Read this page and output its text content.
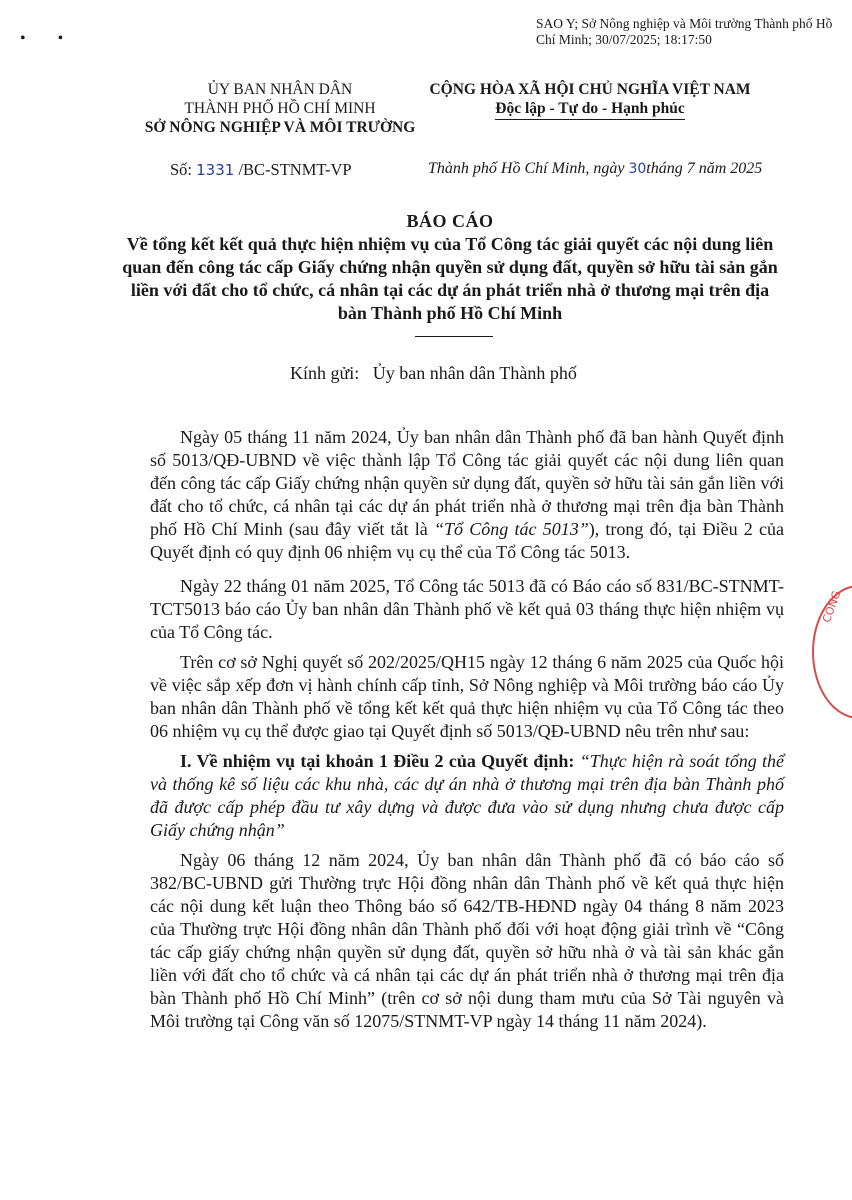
• •
SAO Y; Sở Nông nghiệp và Môi trường Thành phố Hồ Chí Minh; 30/07/2025; 18:17:50
ỦY BAN NHÂN DÂN
THÀNH PHỐ HỒ CHÍ MINH
SỞ NÔNG NGHIỆP VÀ MÔI TRƯỜNG
CỘNG HÒA XÃ HỘI CHỦ NGHĨA VIỆT NAM
Độc lập - Tự do - Hạnh phúc
Số: 1331 /BC-STNMT-VP	Thành phố Hồ Chí Minh, ngày 30tháng 7 năm 2025
BÁO CÁO
Về tổng kết kết quả thực hiện nhiệm vụ của Tổ Công tác giải quyết các nội dung liên quan đến công tác cấp Giấy chứng nhận quyền sử dụng đất, quyền sở hữu tài sản gắn liền với đất cho tổ chức, cá nhân tại các dự án phát triển nhà ở thương mại trên địa bàn Thành phố Hồ Chí Minh
Kính gửi:   Ủy ban nhân dân Thành phố

Ngày 05 tháng 11 năm 2024, Ủy ban nhân dân Thành phố đã ban hành Quyết định số 5013/QĐ-UBND về việc thành lập Tổ Công tác giải quyết các nội dung liên quan đến công tác cấp Giấy chứng nhận quyền sử dụng đất, quyền sở hữu tài sản gắn liền với đất cho tổ chức, cá nhân tại các dự án phát triển nhà ở thương mại trên địa bàn Thành phố Hồ Chí Minh (sau đây viết tắt là “Tổ Công tác 5013”), trong đó, tại Điều 2 của Quyết định có quy định 06 nhiệm vụ cụ thể của Tổ Công tác 5013.

Ngày 22 tháng 01 năm 2025, Tổ Công tác 5013 đã có Báo cáo số 831/BC-STNMT-TCT5013 báo cáo Ủy ban nhân dân Thành phố về kết quả 03 tháng thực hiện nhiệm vụ của Tổ Công tác.

Trên cơ sở Nghị quyết số 202/2025/QH15 ngày 12 tháng 6 năm 2025 của Quốc hội về việc sắp xếp đơn vị hành chính cấp tỉnh, Sở Nông nghiệp và Môi trường báo cáo Ủy ban nhân dân Thành phố về tổng kết kết quả thực hiện nhiệm vụ của Tổ Công tác theo 06 nhiệm vụ cụ thể được giao tại Quyết định số 5013/QĐ-UBND nêu trên như sau:

I. Về nhiệm vụ tại khoản 1 Điều 2 của Quyết định: “Thực hiện rà soát tổng thể và thống kê số liệu các khu nhà, các dự án nhà ở thương mại trên địa bàn Thành phố đã được cấp phép đầu tư xây dựng và được đưa vào sử dụng nhưng chưa được cấp Giấy chứng nhận”

Ngày 06 tháng 12 năm 2024, Ủy ban nhân dân Thành phố đã có báo cáo số 382/BC-UBND gửi Thường trực Hội đồng nhân dân Thành phố về kết quả thực hiện các nội dung kết luận theo Thông báo số 642/TB-HĐND ngày 04 tháng 8 năm 2023 của Thường trực Hội đồng nhân dân Thành phố đối với hoạt động giải trình về “Công tác cấp giấy chứng nhận quyền sử dụng đất, quyền sở hữu nhà ở và tài sản khác gắn liền với đất cho tổ chức và cá nhân tại các dự án phát triển nhà ở thương mại trên địa bàn Thành phố Hồ Chí Minh” (trên cơ sở nội dung tham mưu của Sở Tài nguyên và Môi trường tại Công văn số 12075/STNMT-VP ngày 14 tháng 11 năm 2024).

CÔNG
